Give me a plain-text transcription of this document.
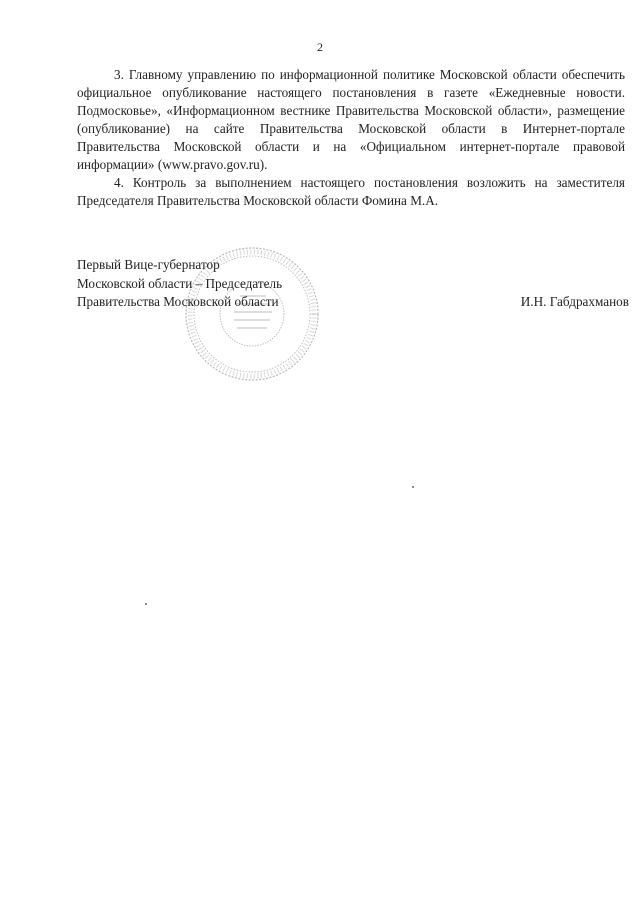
2

3. Главному управлению по информационной политике Московской области обеспечить официальное опубликование настоящего постановления в газете «Ежедневные новости. Подмосковье», «Информационном вестнике Правительства Московской области», размещение (опубликование) на сайте Правительства Московской области в Интернет-портале Правительства Московской области и на «Официальном интернет-портале правовой информации» (www.pravo.gov.ru).

4. Контроль за выполнением настоящего постановления возложить на заместителя Председателя Правительства Московской области Фомина М.А.

Первый Вице-губернатор
Московской области – Председатель
Правительства Московской области	И.Н. Габдрахманов
